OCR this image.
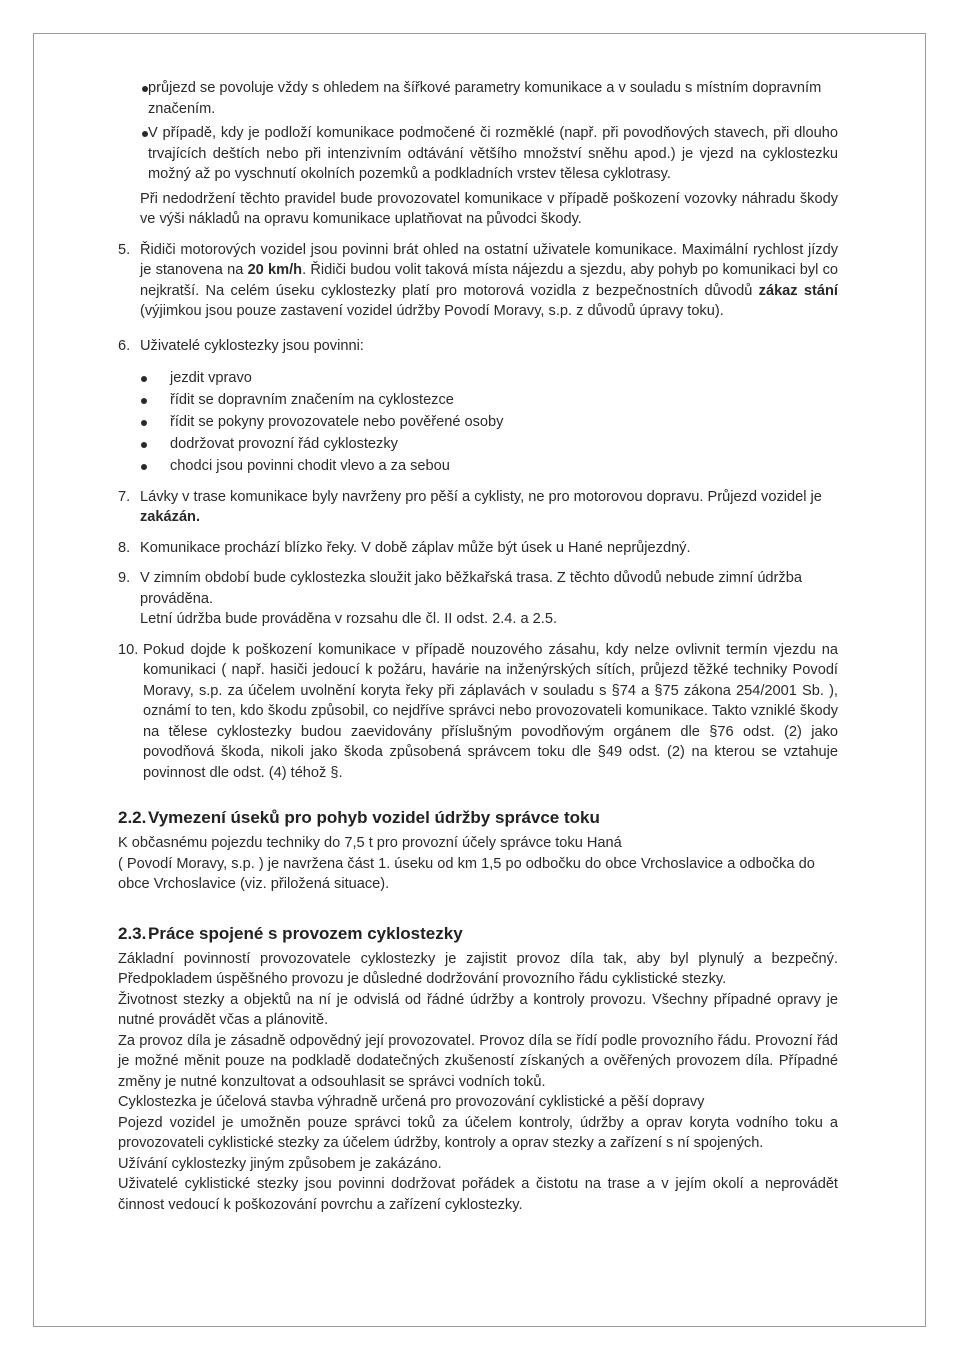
průjezd se povoluje vždy s ohledem na šířkové parametry komunikace a v souladu s místním dopravním značením.

V případě, kdy je podloží komunikace podmočené či rozměklé (např. při povodňových stavech, při dlouho trvajících deštích nebo při intenzivním odtávání většího množství sněhu apod.) je vjezd na cyklostezku možný až po vyschnutí okolních pozemků a podkladních vrstev tělesa cyklotrasy.

Při nedodržení těchto pravidel bude provozovatel komunikace v případě poškození vozovky náhradu škody ve výši nákladů na opravu komunikace uplatňovat na původci škody.

5. Řidiči motorových vozidel jsou povinni brát ohled na ostatní uživatele komunikace. Maximální rychlost jízdy je stanovena na 20 km/h. Řidiči budou volit taková místa nájezdu a sjezdu, aby pohyb po komunikaci byl co nejkratší. Na celém úseku cyklostezky platí pro motorová vozidla z bezpečnostních důvodů zákaz stání (výjimkou jsou pouze zastavení vozidel údržby Povodí Moravy, s.p. z důvodů úpravy toku).

6. Uživatelé cyklostezky jsou povinni:

jezdit vpravo

řídit se dopravním značením na cyklostezce

řídit se pokyny provozovatele nebo pověřené osoby

dodržovat provozní řád cyklostezky

chodci jsou povinni chodit vlevo a za sebou

7. Lávky v trase komunikace byly navrženy pro pěší a cyklisty, ne pro motorovou dopravu. Průjezd vozidel je zakázán.

8. Komunikace prochází blízko řeky. V době záplav může být úsek u Hané neprůjezdný.

9. V zimním období bude cyklostezka sloužit jako běžkařská trasa. Z těchto důvodů nebude zimní údržba prováděna.
Letní údržba bude prováděna v rozsahu dle čl. II odst. 2.4. a 2.5.

10. Pokud dojde k poškození komunikace v případě nouzového zásahu, kdy nelze ovlivnit termín vjezdu na komunikaci ( např. hasiči jedoucí k požáru, havárie na inženýrských sítích, průjezd těžké techniky Povodí Moravy, s.p. za účelem uvolnění koryta řeky při záplavách v souladu s §74 a §75 zákona 254/2001 Sb. ), oznámí to ten, kdo škodu způsobil, co nejdříve správci nebo provozovateli komunikace. Takto vzniklé škody na tělese cyklostezky budou zaevidovány příslušným povodňovým orgánem dle §76 odst. (2) jako povodňová škoda, nikoli jako škoda způsobená správcem toku dle §49 odst. (2) na kterou se vztahuje povinnost dle odst. (4) téhož §.

2.2.Vymezení úseků pro pohyb vozidel údržby správce toku

K občasnému pojezdu techniky do 7,5 t pro provozní účely správce toku Haná

( Povodí Moravy, s.p. ) je navržena část 1. úseku od km 1,5 po odbočku do obce Vrchoslavice a odbočka do obce Vrchoslavice (viz. přiložená situace).

2.3.Práce spojené s provozem cyklostezky

Základní povinností provozovatele cyklostezky je zajistit provoz díla tak, aby byl plynulý a bezpečný. Předpokladem úspěšného provozu je důsledné dodržování provozního řádu cyklistické stezky.

Životnost stezky a objektů na ní je odvislá od řádné údržby a kontroly provozu. Všechny případné opravy je nutné provádět včas a plánovitě.

Za provoz díla je zásadně odpovědný její provozovatel. Provoz díla se řídí podle provozního řádu. Provozní řád je možné měnit pouze na podkladě dodatečných zkušeností získaných a ověřených provozem díla. Případné změny je nutné konzultovat a odsouhlasit se správci vodních toků.

Cyklostezka je účelová stavba výhradně určená pro provozování cyklistické a pěší dopravy

Pojezd vozidel je umožněn pouze správci toků za účelem kontroly, údržby a oprav koryta vodního toku a provozovateli cyklistické stezky za účelem údržby, kontroly a oprav stezky a zařízení s ní spojených.

Užívání cyklostezky jiným způsobem je zakázáno.

Uživatelé cyklistické stezky jsou povinni dodržovat pořádek a čistotu na trase a v jejím okolí a neprovádět činnost vedoucí k poškozování povrchu a zařízení cyklostezky.
